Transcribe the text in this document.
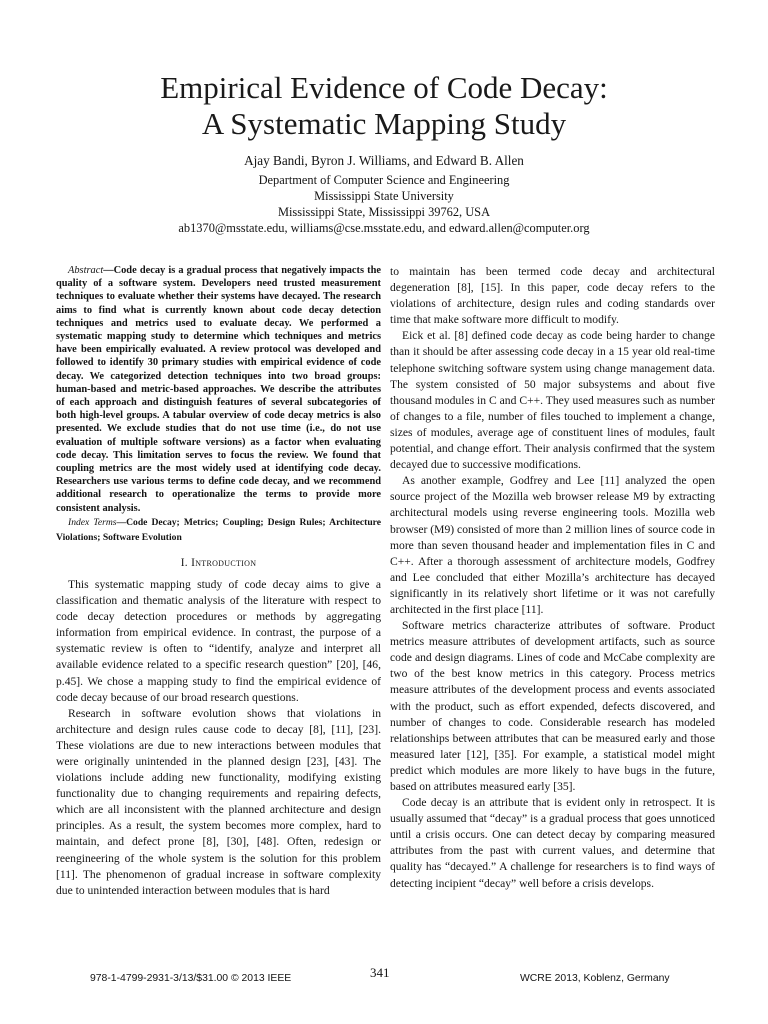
Empirical Evidence of Code Decay:
A Systematic Mapping Study
Ajay Bandi, Byron J. Williams, and Edward B. Allen
Department of Computer Science and Engineering
Mississippi State University
Mississippi State, Mississippi 39762, USA
ab1370@msstate.edu, williams@cse.msstate.edu, and edward.allen@computer.org

Abstract—Code decay is a gradual process that negatively impacts the quality of a software system. Developers need trusted measurement techniques to evaluate whether their systems have decayed. The research aims to find what is currently known about code decay detection techniques and metrics used to evaluate decay. We performed a systematic mapping study to determine which techniques and metrics have been empirically evaluated. A review protocol was developed and followed to identify 30 primary studies with empirical evidence of code decay. We categorized detection techniques into two broad groups: human-based and metric-based approaches. We describe the attributes of each approach and distinguish features of several subcategories of both high-level groups. A tabular overview of code decay metrics is also presented. We exclude studies that do not use time (i.e., do not use evaluation of multiple software versions) as a factor when evaluating code decay. This limitation serves to focus the review. We found that coupling metrics are the most widely used at identifying code decay. Researchers use various terms to define code decay, and we recommend additional research to operationalize the terms to provide more consistent analysis.

Index Terms—Code Decay; Metrics; Coupling; Design Rules; Architecture Violations; Software Evolution

I. Introduction

This systematic mapping study of code decay aims to give a classification and thematic analysis of the literature with respect to code decay detection procedures or methods by aggregating information from empirical evidence. In contrast, the purpose of a systematic review is often to “identify, analyze and interpret all available evidence related to a specific research question” [20], [46, p.45]. We chose a mapping study to find the empirical evidence of code decay because of our broad research questions.

Research in software evolution shows that violations in architecture and design rules cause code to decay [8], [11], [23]. These violations are due to new interactions between modules that were originally unintended in the planned design [23], [43]. The violations include adding new functionality, modifying existing functionality due to changing requirements and repairing defects, which are all inconsistent with the planned architecture and design principles. As a result, the system becomes more complex, hard to maintain, and defect prone [8], [30], [48]. Often, redesign or reengineering of the whole system is the solution for this problem [11]. The phenomenon of gradual increase in software complexity due to unintended interaction between modules that is hard

to maintain has been termed code decay and architectural degeneration [8], [15]. In this paper, code decay refers to the violations of architecture, design rules and coding standards over time that make software more difficult to modify.

Eick et al. [8] defined code decay as code being harder to change than it should be after assessing code decay in a 15 year old real-time telephone switching software system using change management data. The system consisted of 50 major subsystems and about five thousand modules in C and C++. They used measures such as number of changes to a file, number of files touched to implement a change, sizes of modules, average age of constituent lines of modules, fault potential, and change effort. Their analysis confirmed that the system decayed due to successive modifications.

As another example, Godfrey and Lee [11] analyzed the open source project of the Mozilla web browser release M9 by extracting architectural models using reverse engineering tools. Mozilla web browser (M9) consisted of more than 2 million lines of source code in more than seven thousand header and implementation files in C and C++. After a thorough assessment of architecture models, Godfrey and Lee concluded that either Mozilla’s architecture has decayed significantly in its relatively short lifetime or it was not carefully architected in the first place [11].

Software metrics characterize attributes of software. Product metrics measure attributes of development artifacts, such as source code and design diagrams. Lines of code and McCabe complexity are two of the best know metrics in this category. Process metrics measure attributes of the development process and events associated with the product, such as effort expended, defects discovered, and number of changes to code. Considerable research has modeled relationships between attributes that can be measured early and those measured later [12], [35]. For example, a statistical model might predict which modules are more likely to have bugs in the future, based on attributes measured early [35].

Code decay is an attribute that is evident only in retrospect. It is usually assumed that “decay” is a gradual process that goes unnoticed until a crisis occurs. One can detect decay by comparing measured attributes from the past with current values, and determine that quality has “decayed.” A challenge for researchers is to find ways of detecting incipient “decay” well before a crisis develops.

978-1-4799-2931-3/13/$31.00 © 2013 IEEE	341	WCRE 2013, Koblenz, Germany
